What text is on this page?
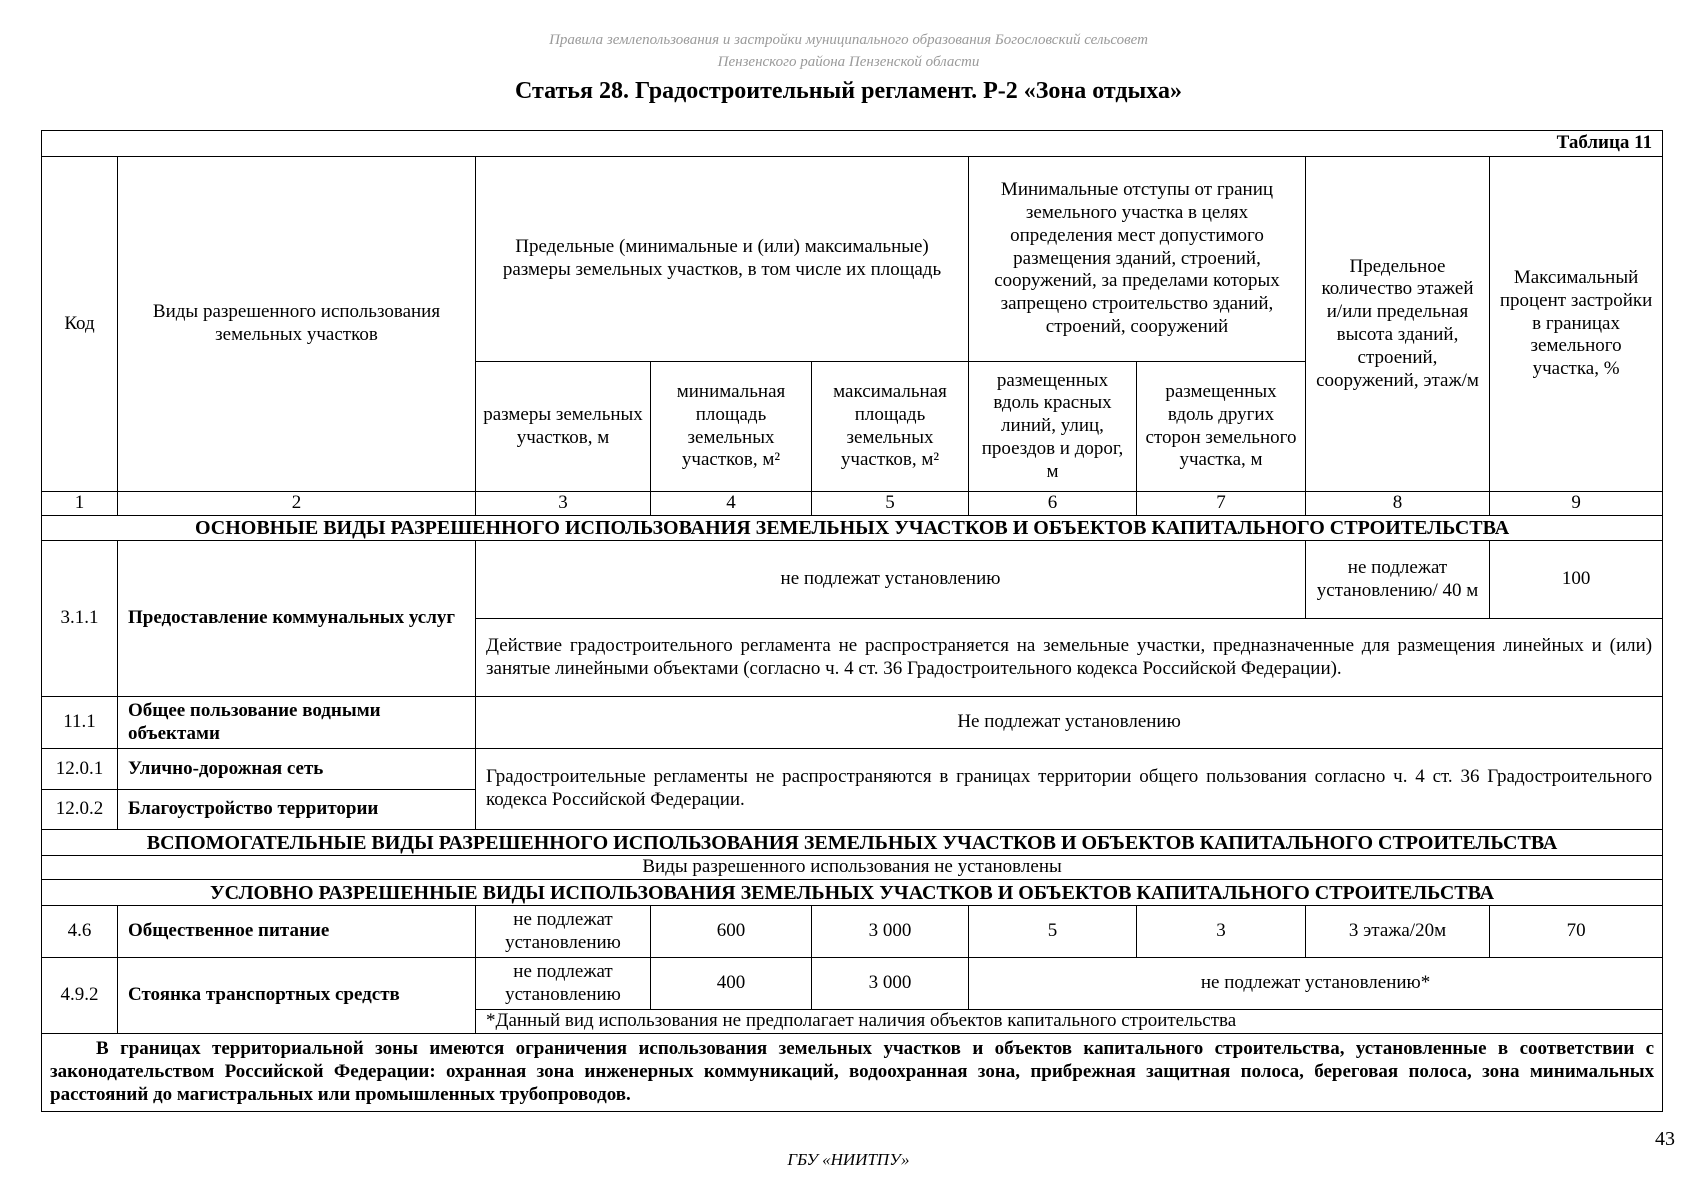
Правила землепользования и застройки муниципального образования Богословский сельсовет
Пензенского района Пензенской области
Статья 28. Градостроительный регламент. Р-2 «Зона отдыха»
Таблица 11								
Код	Виды разрешенного использования земельных участков	Предельные (минимальные и (или) максимальные) размеры земельных участков, в том числе их площадь			Минимальные отступы от границ земельного участка в целях определения мест допустимого размещения зданий, строений, сооружений, за пределами которых запрещено строительство зданий, строений, сооружений		Предельное количество этажей и/или предельная высота зданий, строений, сооружений, этаж/м	Максимальный процент застройки в границах земельного участка, %
		размеры земельных участков, м	минимальная площадь земельных участков, м²	максимальная площадь земельных участков, м²	размещенных вдоль красных линий, улиц, проездов и дорог, м	размещенных вдоль других сторон земельного участка, м		
1	2	3	4	5	6	7	8	9
ОСНОВНЫЕ ВИДЫ РАЗРЕШЕННОГО ИСПОЛЬЗОВАНИЯ ЗЕМЕЛЬНЫХ УЧАСТКОВ И ОБЪЕКТОВ КАПИТАЛЬНОГО СТРОИТЕЛЬСТВА								
3.1.1	Предоставление коммунальных услуг	не подлежат установлению					не подлежат установлению/ 40 м	100
		Действие градостроительного регламента не распространяется на земельные участки, предназначенные для размещения линейных и (или) занятые линейными объектами (согласно ч. 4 ст. 36 Градостроительного кодекса Российской Федерации).						
11.1	Общее пользование водными объектами	Не подлежат установлению						
12.0.1	Улично-дорожная сеть	Градостроительные регламенты не распространяются в границах территории общего пользования согласно ч. 4 ст. 36 Градостроительного кодекса Российской Федерации.						
12.0.2	Благоустройство территории							
ВСПОМОГАТЕЛЬНЫЕ ВИДЫ РАЗРЕШЕННОГО ИСПОЛЬЗОВАНИЯ ЗЕМЕЛЬНЫХ УЧАСТКОВ И ОБЪЕКТОВ КАПИТАЛЬНОГО СТРОИТЕЛЬСТВА								
Виды разрешенного использования не установлены								
УСЛОВНО РАЗРЕШЕННЫЕ ВИДЫ ИСПОЛЬЗОВАНИЯ ЗЕМЕЛЬНЫХ УЧАСТКОВ И ОБЪЕКТОВ КАПИТАЛЬНОГО СТРОИТЕЛЬСТВА								
4.6	Общественное питание	не подлежат установлению	600	3 000	5	3	3 этажа/20м	70
4.9.2	Стоянка транспортных средств	не подлежат установлению	400	3 000	не подлежат установлению*			
		*Данный вид использования не предполагает наличия объектов капитального строительства						
В границах территориальной зоны имеются ограничения использования земельных участков и объектов капитального строительства, установленные в соответствии с законодательством Российской Федерации: охранная зона инженерных коммуникаций, водоохранная зона, прибрежная защитная полоса, береговая полоса, зона минимальных расстояний до магистральных или промышленных трубопроводов.								
43
ГБУ «НИИТПУ»
